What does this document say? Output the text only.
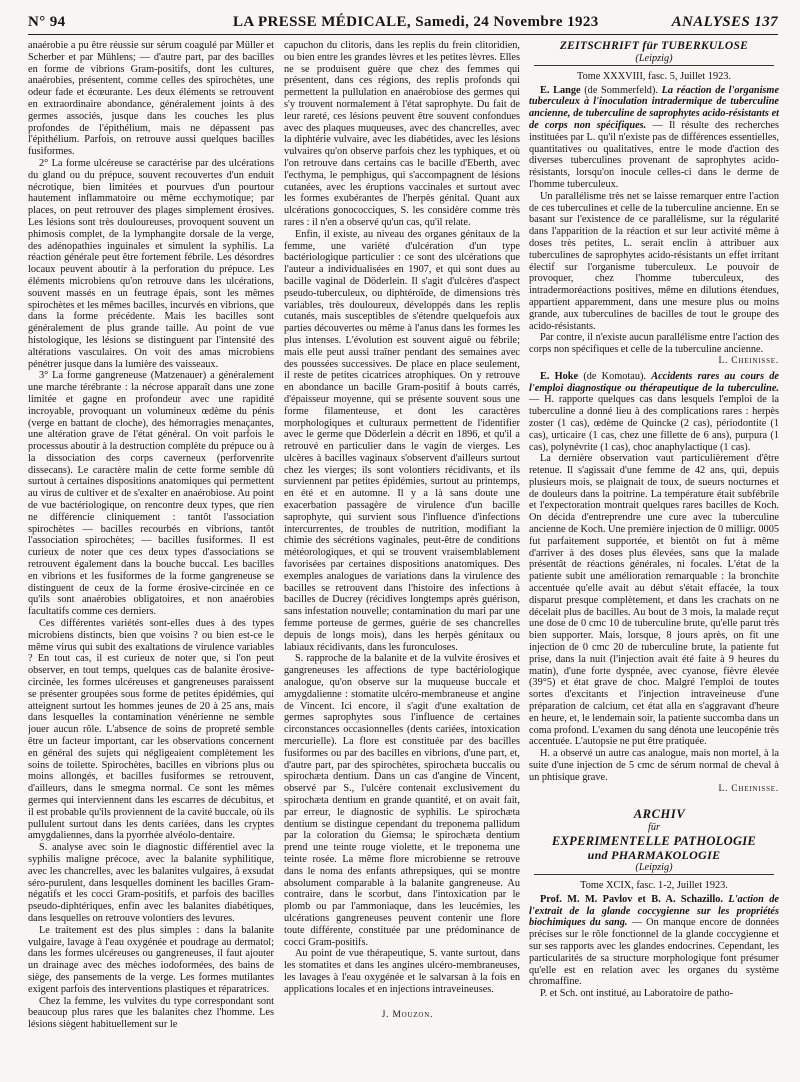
N° 94	LA PRESSE MÉDICALE, Samedi, 24 Novembre 1923	ANALYSES 137

anaérobie a pu être réussie sur sérum coagulé par Müller et Scherber et par Mühlens; — d'autre part, par des bacilles en forme de vibrions Gram-positifs, dont les cultures, anaérobies, présentent, comme celles des spirochètes, une odeur fade et écœurante. Les deux éléments se retrouvent en extraordinaire abondance, généralement joints à des germes associés, jusque dans les couches les plus profondes de l'épithélium, mais ne dépassent pas l'épithélium. Parfois, on retrouve aussi quelques bacilles fusiformes.

2° La forme ulcéreuse se caractérise par des ulcérations du gland ou du prépuce, souvent recouvertes d'un enduit nécrotique, bien limitées et pourvues d'un pourtour hautement inflammatoire ou même ecchymotique; par places, on peut retrouver des plages simplement érosives. Les lésions sont très douloureuses, provoquent souvent un phimosis complet, de la lymphangite dorsale de la verge, des adénopathies inguinales et simulent la syphilis. La réaction générale peut être fortement fébrile. Les désordres locaux peuvent aboutir à la perforation du prépuce. Les éléments microbiens qu'on retrouve dans les ulcérations, souvent massés en un feutrage épais, sont les mêmes spirochètes et les mêmes bacilles, incurvés en vibrions, que dans la forme précédente. Mais les bacilles sont généralement de plus grande taille. Au point de vue histologique, les lésions se distinguent par l'intensité des altérations vasculaires. On voit des amas microbiens pénétrer jusque dans la lumière des vaisseaux.

3° La forme gangreneuse (Matzenauer) a généralement une marche térébrante : la nécrose apparaît dans une zone limitée et gagne en profondeur avec une rapidité incroyable, provoquant un volumineux œdème du pénis (verge en battant de cloche), des hémorragies menaçantes, une altération grave de l'état général. On voit parfois le processus aboutir à la destruction complète du prépuce ou à la dissociation des corps caverneux (perforvenrite dissecans). Le caractère malin de cette forme semble dû surtout à certaines dispositions anatomiques qui permettent au virus de cultiver et de s'exalter en anaérobiose. Au point de vue bactériologique, on rencontre deux types, que rien ne différencie cliniquement : tantôt l'association spirochètes — bacilles recourbés en vibrions, tantôt l'association spirochètes; — bacilles fusiformes. Il est curieux de noter que ces deux types d'associations se retrouvent également dans la bouche buccal. Les bacilles en vibrions et les fusiformes de la forme gangreneuse se distinguent de ceux de la forme érosive-circinée en ce qu'ils sont anaérobies obligatoires, et non anaérobies facultatifs comme ces derniers.

Ces différentes variétés sont-elles dues à des types microbiens distincts, bien que voisins ? ou bien est-ce le même virus qui subit des exaltations de virulence variables ? En tout cas, il est curieux de noter que, si l'on peut observer, en tout temps, quelques cas de balanite érosive-circinée, les formes ulcéreuses et gangreneuses paraissent se présenter groupées sous forme de petites épidémies, qui atteignent surtout les hommes jeunes de 20 à 25 ans, mais dans lesquelles la contamination vénérienne ne semble jouer aucun rôle. L'absence de soins de propreté semble être un facteur important, car les observations concernent en général des sujets qui négligeaient complètement les soins de toilette. Spirochètes, bacilles en vibrions plus ou moins allongés, et bacilles fusiformes se retrouvent, d'ailleurs, dans le smegma normal. Ce sont les mêmes germes qui interviennent dans les escarres de décubitus, et il est probable qu'ils proviennent de la cavité buccale, où ils pullulent surtout dans les dents cariées, dans les cryptes amygdaliennes, dans la pyorrhée alvéolo-dentaire.

S. analyse avec soin le diagnostic différentiel avec la syphilis maligne précoce, avec la balanite syphilitique, avec les chancrelles, avec les balanites vulgaires, à exsudat séro-purulent, dans lesquelles dominent les bacilles Gram-négatifs et les cocci Gram-positifs, et parfois des bacilles pseudo-diphtériques, enfin avec les balanites diabétiques, dans lesquelles on retrouve volontiers des levures.

Le traitement est des plus simples : dans la balanite vulgaire, lavage à l'eau oxygénée et poudrage au dermatol; dans les formes ulcéreuses ou gangreneuses, il faut ajouter un drainage avec des mèches iodoformées, des bains de siège, des pansements de la verge. Les formes mutilantes exigent parfois des interventions plastiques et réparatrices.

Chez la femme, les vulvites du type correspondant sont beaucoup plus rares que les balanites chez l'homme. Les lésions siègent habituellement sur le

capuchon du clitoris, dans les replis du frein clitoridien, ou bien entre les grandes lèvres et les petites lèvres. Elles ne se produisent guère que chez des femmes qui présentent, dans ces régions, des replis profonds qui permettent la pullulation en anaérobiose des germes qui s'y trouvent normalement à l'état saprophyte. Du fait de leur rareté, ces lésions peuvent être souvent confondues avec des plaques muqueuses, avec des chancrelles, avec la diphtérie vulvaire, avec les diabétides, avec les lésions vulvaires qu'on observe parfois chez les typhiques, et où l'on retrouve dans certains cas le bacille d'Eberth, avec l'ecthyma, le pemphigus, qui s'accompagnent de lésions cutanées, avec les éruptions vaccinales et surtout avec les formes exubérantes de l'herpès génital. Quant aux ulcérations gonococciques, S. les considère comme très rares : il n'en a observé qu'un cas, qu'il relate.

Enfin, il existe, au niveau des organes génitaux de la femme, une variété d'ulcération d'un type bactériologique particulier : ce sont des ulcérations que l'auteur a individualisées en 1907, et qui sont dues au bacille vaginal de Döderlein. Il s'agit d'ulcères d'aspect pseudo-tuberculeux, ou diphtéroïde, de dimensions très variables, très douloureux, développés dans les replis cutanés, mais susceptibles de s'étendre quelquefois aux parties découvertes ou même à l'anus dans les formes les plus intenses. L'évolution est souvent aiguë ou fébrile; mais elle peut aussi traîner pendant des semaines avec des poussées successives. De place en place seulement, il reste de petites cicatrices atrophiques. On y retrouve en abondance un bacille Gram-positif à bouts carrés, d'épaisseur moyenne, qui se présente souvent sous une forme filamenteuse, et dont les caractères morphologiques et culturaux permettent de l'identifier avec le germe que Döderlein a décrit en 1896, et qu'il a retrouvé en particulier dans le vagin de vierges. Les ulcères à bacilles vaginaux s'observent d'ailleurs surtout chez les vierges; ils sont volontiers récidivants, et ils surviennent par petites épidémies, surtout au printemps, en été et en automne. Il y a là sans doute une exacerbation passagère de virulence d'un bacille saprophyte, qui survient sous l'influence d'infections intercurrentes, de troubles de nutrition, modifiant la chimie des sécrétions vaginales, peut-être de conditions météorologiques, et qui se trouvent vraisemblablement favorisées par certaines dispositions anatomiques. Des exemples analogues de variations dans la virulence des bacilles se retrouvent dans l'histoire des infections à bacilles de Ducrey (récidives longtemps après guérison, sans infestation nouvelle; contamination du mari par une femme porteuse de germes, guérie de ses chancrelles depuis de longs mois), dans les herpès génitaux ou labiaux récidivants, dans les furonculoses.

S. rapproche de la balanite et de la vulvite érosives et gangreneuses les affections de type bactériologique analogue, qu'on observe sur la muqueuse buccale et amygdalienne : stomatite ulcéro-membraneuse et angine de Vincent. Ici encore, il s'agit d'une exaltation de germes saprophytes sous l'influence de certaines circonstances occasionnelles (dents cariées, intoxication mercurielle). La flore est constituée par des bacilles fusiformes ou par des bacilles en vibrions, d'une part, et, d'autre part, par des spirochètes, spirochæta buccalis ou spirochæta dentium. Dans un cas d'angine de Vincent, observé par S., l'ulcère contenait exclusivement du spirochæta dentium en grande quantité, et on avait fait, par erreur, le diagnostic de syphilis. Le spirochæta dentium se distingue cependant du treponema pallidum par la coloration du Giemsa; le spirochæta dentium prend une teinte rouge violette, et le treponema une teinte rosée. La même flore microbienne se retrouve dans le noma des enfants athrepsiques, qui se montre absolument comparable à la balanite gangreneuse. Au contraire, dans le scorbut, dans l'intoxication par le plomb ou par l'ammoniaque, dans les leucémies, les ulcérations gangreneuses peuvent contenir une flore toute différente, constituée par une prédominance de cocci Gram-positifs.

Au point de vue thérapeutique, S. vante surtout, dans les stomatites et dans les angines ulcéro-membraneuses, les lavages à l'eau oxygénée et le salvarsan à la fois en applications locales et en injections intraveineuses.

J. Mouzon.

ZEITSCHRIFT für TUBERKULOSE

(Leipzig)

Tome XXXVIII, fasc. 5, Juillet 1923.

E. Lange (de Sommerfeld). La réaction de l'organisme tuberculeux à l'inoculation intradermique de tuberculine ancienne, de tuberculine de saprophytes acido-résistants et de corps non spécifiques. — Il résulte des recherches instituées par L. qu'il n'existe pas de différences essentielles, quantitatives ou qualitatives, entre le mode d'action des diverses tuberculines provenant de saprophytes acido-résistants, lorsqu'on inocule celles-ci dans le derme de l'homme tuberculeux.

Un parallélisme très net se laisse remarquer entre l'action de ces tuberculines et celle de la tuberculine ancienne. En se basant sur l'existence de ce parallélisme, sur la régularité dans l'apparition de la réaction et sur leur activité même à doses très petites, L. serait enclin à attribuer aux tuberculines de saprophytes acido-résistants un effet irritant électif sur l'organisme tuberculeux. Le pouvoir de provoquer, chez l'homme tuberculeux, des intradermoréactions positives, même en dilutions étendues, appartient apparemment, dans une mesure plus ou moins grande, aux tuberculines de bacilles de tout le groupe des acido-résistants.

Par contre, il n'existe aucun parallélisme entre l'action des corps non spécifiques et celle de la tuberculine ancienne.

L. Cheinisse.

E. Hoke (de Komotau). Accidents rares au cours de l'emploi diagnostique ou thérapeutique de la tuberculine. — H. rapporte quelques cas dans lesquels l'emploi de la tuberculine a donné lieu à des complications rares : herpès zoster (1 cas), œdème de Quincke (2 cas), périodontite (1 cas), urticaire (1 cas, chez une fillette de 6 ans), purpura (1 cas), polynévrite (1 cas), choc anaphylactique (1 cas).

La dernière observation vaut particulièrement d'être retenue. Il s'agissait d'une femme de 42 ans, qui, depuis plusieurs mois, se plaignait de toux, de sueurs nocturnes et de douleurs dans la poitrine. La température était subfébrile et l'expectoration montrait quelques rares bacilles de Koch. On décida d'entreprendre une cure avec la tuberculine ancienne de Koch. Une première injection de 0 milligr. 0005 fut parfaitement supportée, et bientôt on fut à même d'arriver à des doses plus élevées, sans que la malade présentât de réactions générales, ni focales. L'état de la patiente subit une amélioration remarquable : la bronchite accentuée qu'elle avait au début s'était effacée, la toux disparut presque complètement, et dans les crachats on ne décelait plus de bacilles. Au bout de 3 mois, la malade reçut une dose de 0 cmc 10 de tuberculine brute, qu'elle parut très bien supporter. Mais, lorsque, 8 jours après, on fit une injection de 0 cmc 20 de tuberculine brute, la patiente fut prise, dans la nuit (l'injection avait été faite à 9 heures du matin), d'une forte dyspnée, avec cyanose, fièvre élevée (39°5) et état grave de choc. Malgré l'emploi de toutes sortes d'excitants et l'injection intraveineuse d'une préparation de calcium, cet état alla en s'aggravant d'heure en heure, et, le lendemain soir, la patiente succomba dans un coma profond. L'examen du sang dénota une leucopénie très accentuée. L'autopsie ne put être pratiquée.

H. a observé un autre cas analogue, mais non mortel, à la suite d'une injection de 5 cmc de sérum normal de cheval à un phtisique grave.

L. Cheinisse.

ARCHIV

für

EXPERIMENTELLE PATHOLOGIE

und PHARMAKOLOGIE

(Leipzig)

Tome XCIX, fasc. 1-2, Juillet 1923.

Prof. M. M. Pavlov et B. A. Schazillo. L'action de l'extrait de la glande coccygienne sur les propriétés biochimiques du sang. — On manque encore de données précises sur le rôle fonctionnel de la glande coccygienne et sur ses rapports avec les glandes endocrines. Cependant, les particularités de sa structure morphologique font présumer qu'elle est en relation avec les organes du système chromaffine.

P. et Sch. ont institué, au Laboratoire de patho-
